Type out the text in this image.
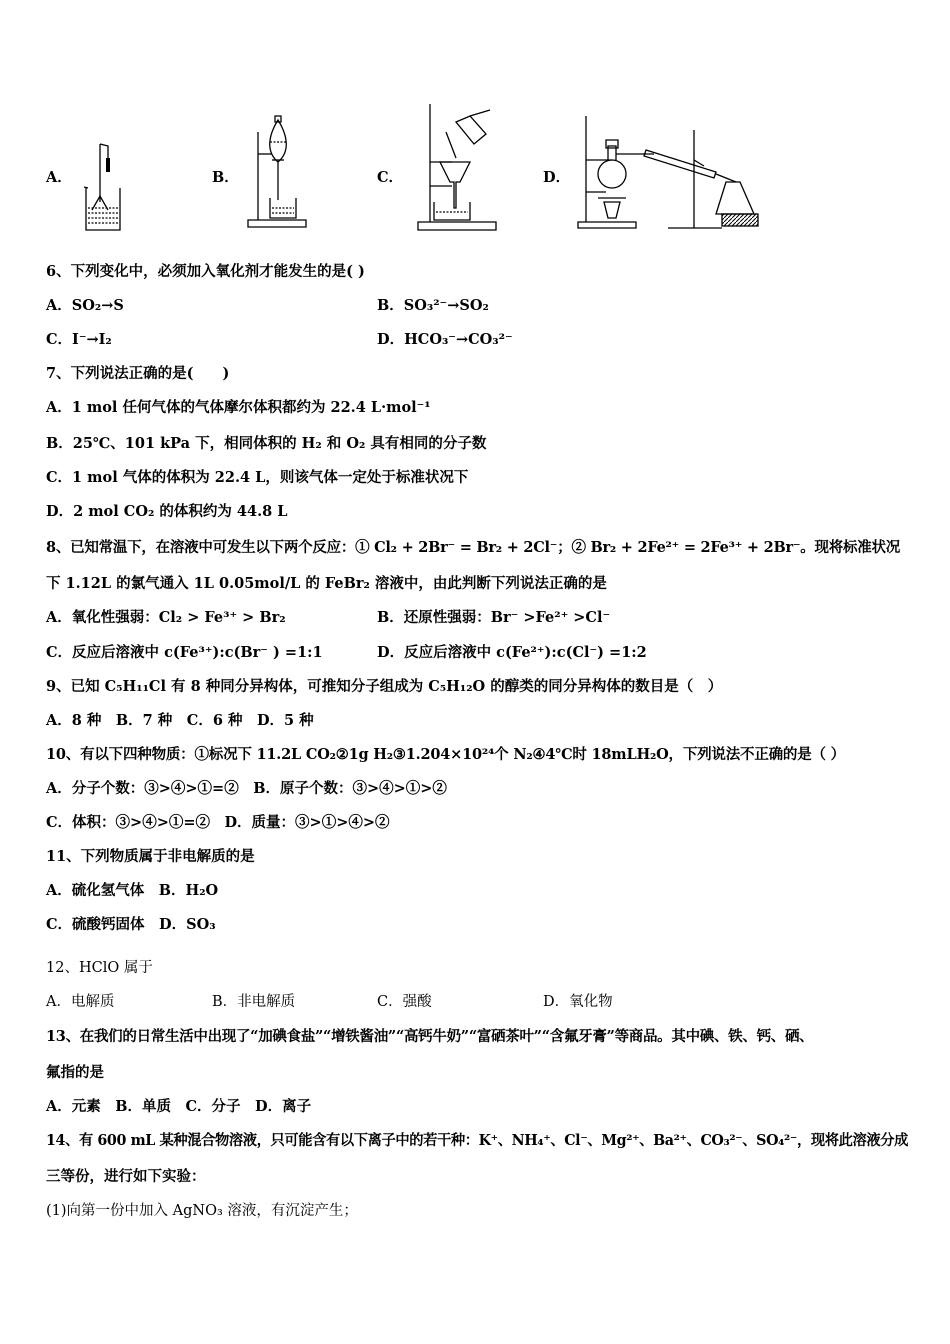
A．	B．	C．	D．
6、下列变化中，必须加入氧化剂才能发生的是( )
A．SO₂→S	B．SO₃²⁻→SO₂
C．I⁻→I₂	D．HCO₃⁻→CO₃²⁻
7、下列说法正确的是(　　)
A．1 mol 任何气体的气体摩尔体积都约为 22.4 L·mol⁻¹
B．25℃、101 kPa 下，相同体积的 H₂ 和 O₂ 具有相同的分子数
C．1 mol 气体的体积为 22.4 L，则该气体一定处于标准状况下
D．2 mol CO₂ 的体积约为 44.8 L
8、已知常温下，在溶液中可发生以下两个反应：① Cl₂ + 2Br⁻ = Br₂ + 2Cl⁻；② Br₂ + 2Fe²⁺ = 2Fe³⁺ + 2Br⁻。现将标准状况
下 1.12L 的氯气通入 1L 0.05mol/L 的 FeBr₂ 溶液中，由此判断下列说法正确的是
A．氧化性强弱：Cl₂ > Fe³⁺ > Br₂	B．还原性强弱：Br⁻ >Fe²⁺ >Cl⁻
C．反应后溶液中 c(Fe³⁺):c(Br⁻ ) =1:1	D．反应后溶液中 c(Fe²⁺):c(Cl⁻) =1:2
9、已知 C₅H₁₁Cl 有 8 种同分异构体，可推知分子组成为 C₅H₁₂O 的醇类的同分异构体的数目是（　）
A．8 种　B．7 种　C．6 种　D．5 种
10、有以下四种物质：①标况下 11.2L CO₂②1g H₂③1.204×10²⁴个 N₂④4℃时 18mLH₂O，下列说法不正确的是（ ）
A．分子个数：③>④>①=②　B．原子个数：③>④>①>②
C．体积：③>④>①=②　D．质量：③>①>④>②
11、下列物质属于非电解质的是
A．硫化氢气体　B．H₂O
C．硫酸钙固体　D．SO₃
12、HClO 属于
A．电解质	B．非电解质	C．强酸	D．氧化物
13、在我们的日常生活中出现了“加碘食盐”“增铁酱油”“高钙牛奶”“富硒茶叶”“含氟牙膏”等商品。其中碘、铁、钙、硒、
氟指的是
A．元素　B．单质　C．分子　D．离子
14、有 600 mL 某种混合物溶液，只可能含有以下离子中的若干种：K⁺、NH₄⁺、Cl⁻、Mg²⁺、Ba²⁺、CO₃²⁻、SO₄²⁻，现将此溶液分成
三等份，进行如下实验：
(1)向第一份中加入 AgNO₃ 溶液，有沉淀产生；
